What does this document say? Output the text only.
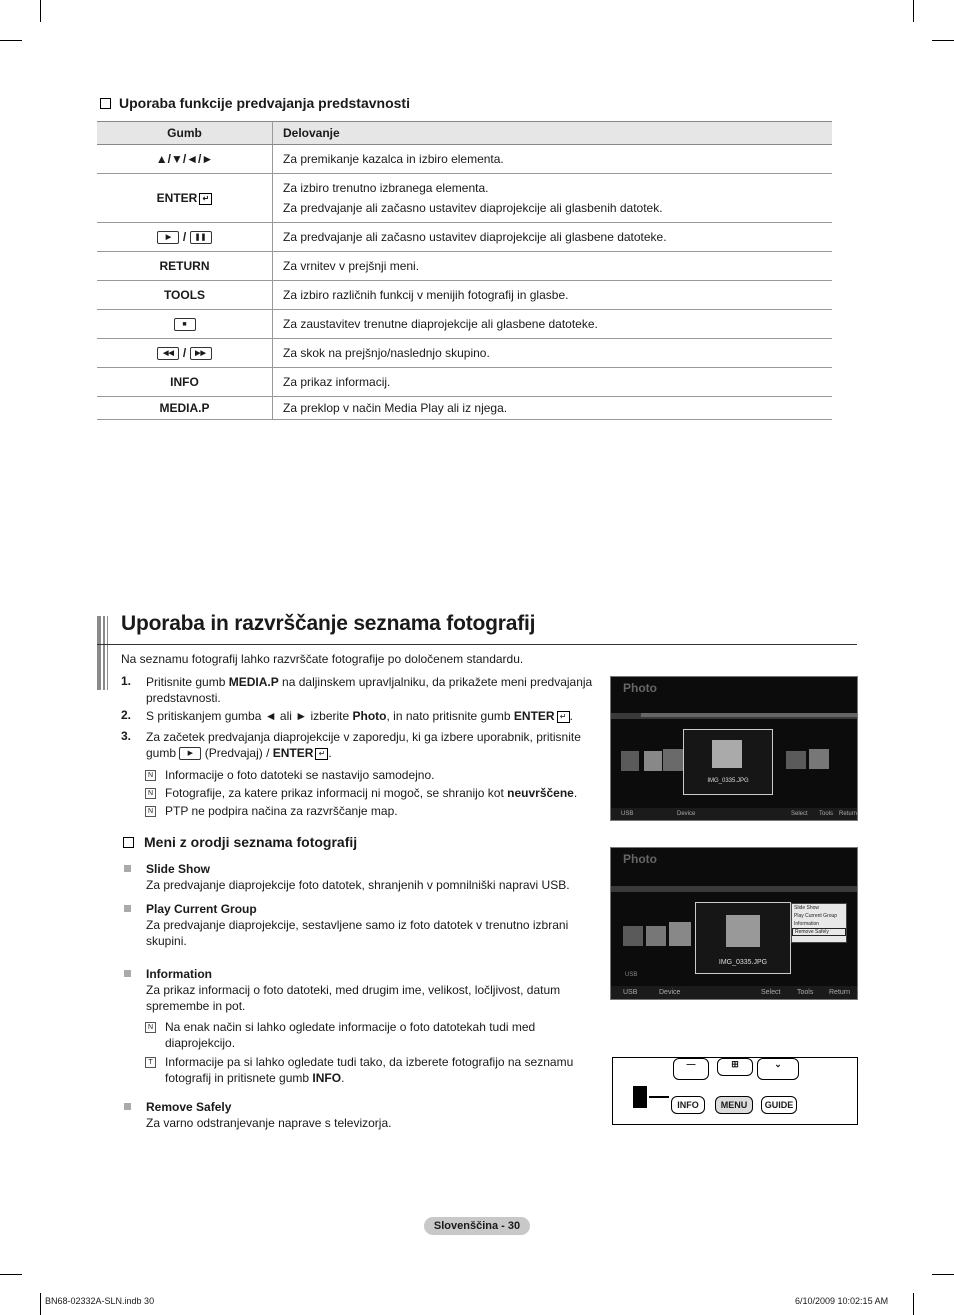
Uporaba funkcije predvajanja predstavnosti
Gumb	Delovanje
▲/▼/◄/►	Za premikanje kazalca in izbiro elementa.

ENTER ↵	Za izbiro trenutno izbranega elementa.
Za predvajanje ali začasno ustavitev diaprojekcije ali glasbenih datotek.

▶ / ❚❚	Za predvajanje ali začasno ustavitev diaprojekcije ali glasbene datoteke.

RETURN	Za vrnitev v prejšnji meni.

TOOLS	Za izbiro različnih funkcij v menijih fotografij in glasbe.

■	Za zaustavitev trenutne diaprojekcije ali glasbene datoteke.

◀◀ / ▶▶	Za skok na prejšnjo/naslednjo skupino.

INFO	Za prikaz informacij.

MEDIA.P	Za preklop v način Media Play ali iz njega.
Uporaba in razvrščanje seznama fotografij
Na seznamu fotografij lahko razvrščate fotografije po določenem standardu.
1. Pritisnite gumb MEDIA.P na daljinskem upravljalniku, da prikažete meni predvajanja
predstavnosti.
2. S pritiskanjem gumba ◄ ali ► izberite Photo, in nato pritisnite gumb ENTER ↵ .
3. Za začetek predvajanja diaprojekcije v zaporedju, ki ga izbere uporabnik, pritisnite
gumb ▶ (Predvajaj) / ENTER ↵ .
N Informacije o foto datoteki se nastavijo samodejno.
N Fotografije, za katere prikaz informacij ni mogoč, se shranijo kot neuvrščene.
N PTP ne podpira načina za razvrščanje map.
Photo
IMG_0335.JPG
USB	Device	Select Tools Return
Meni z orodji seznama fotografij
Slide Show
Za predvajanje diaprojekcije foto datotek, shranjenih v pomnilniški napravi USB.
Play Current Group
Za predvajanje diaprojekcije, sestavljene samo iz foto datotek v trenutno izbrani
skupini.
Information
Za prikaz informacij o foto datoteki, med drugim ime, velikost, ločljivost, datum
spremembe in pot.
N Na enak način si lahko ogledate informacije o foto datotekah tudi med
diaprojekcijo.
T Informacije pa si lahko ogledate tudi tako, da izberete fotografijo na seznamu
fotografij in pritisnete gumb INFO.
Remove Safely
Za varno odstranjevanje naprave s televizorja.
Photo
IMG_0335.JPG
USB
Slide Show
Play Current Group
Information
Remove Safely
USB	Device	Select Tools Return
—	⊞	⌄
INFO	MENU	GUIDE
Slovenščina - 30
BN68-02332A-SLN.indb 30	6/10/2009 10:02:15 AM
